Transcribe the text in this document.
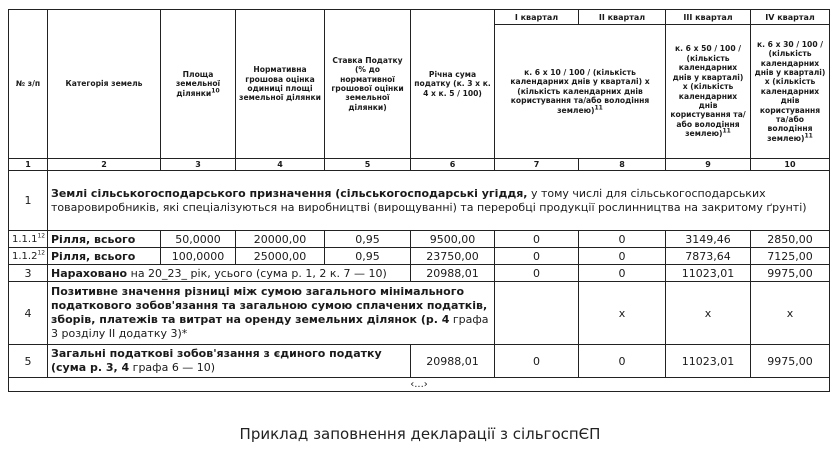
№ з/п	Категорія земель	Площа земельної ділянки$^{10}$	Нормативна грошова оцінка одиниці площі земельної ділянки	Ставка Податку (% до нормативної грошової оцінки земельної ділянки)	Річна сума податку (к. 3 х к. 4 х к. 5 / 100)	I квартал	II квартал	III квартал	IV квартал
						к. 6 х 10 / 100 / (кількість календарних днів у кварталі) х (кількість календарних днів користування та/або володіння землею)$^{11}$		к. 6 х 50 / 100 / (кількість календарних днів у кварталі) х (кількість календарних днів користування та/або володіння землею)$^{11}$	к. 6 х 30 / 100 / (кількість календарних днів у кварталі) х (кількість календарних днів користування та/або володіння землею)$^{11}$
1	2	3	4	5	6	7	8	9	10
1	Землі сільськогосподарського призначення (сільськогосподарські угіддя, у тому числі для сільськогосподарських товаровиробників, які спеціалізуються на виробництві (вирощуванні) та переробці продукції рослинництва на закритому ґрунті)								
1.1.1$^{12}$	Рілля, всього	50,0000	20000,00	0,95	9500,00	0	0	3149,46	2850,00
1.1.2$^{12}$	Рілля, всього	100,0000	25000,00	0,95	23750,00	0	0	7873,64	7125,00
3	Нараховано на 20_23_ рік, усього (сума р. 1, 2 к. 7 — 10)				20988,01	0	0	11023,01	9975,00
4	Позитивне значення різниці між сумою загального мінімального податкового зобов'язання та загальною сумою сплачених податків, зборів, платежів та витрат на оренду земельних ділянок (р. 4 графа 3 розділу II додатку 3)*						х	х	х
5	Загальні податкові зобов'язання з єдиного податку (сума р. 3, 4 графа 6 — 10)				20988,01	0	0	11023,01	9975,00
‹...›									
Приклад заповнення декларації з сільгоспЄП
